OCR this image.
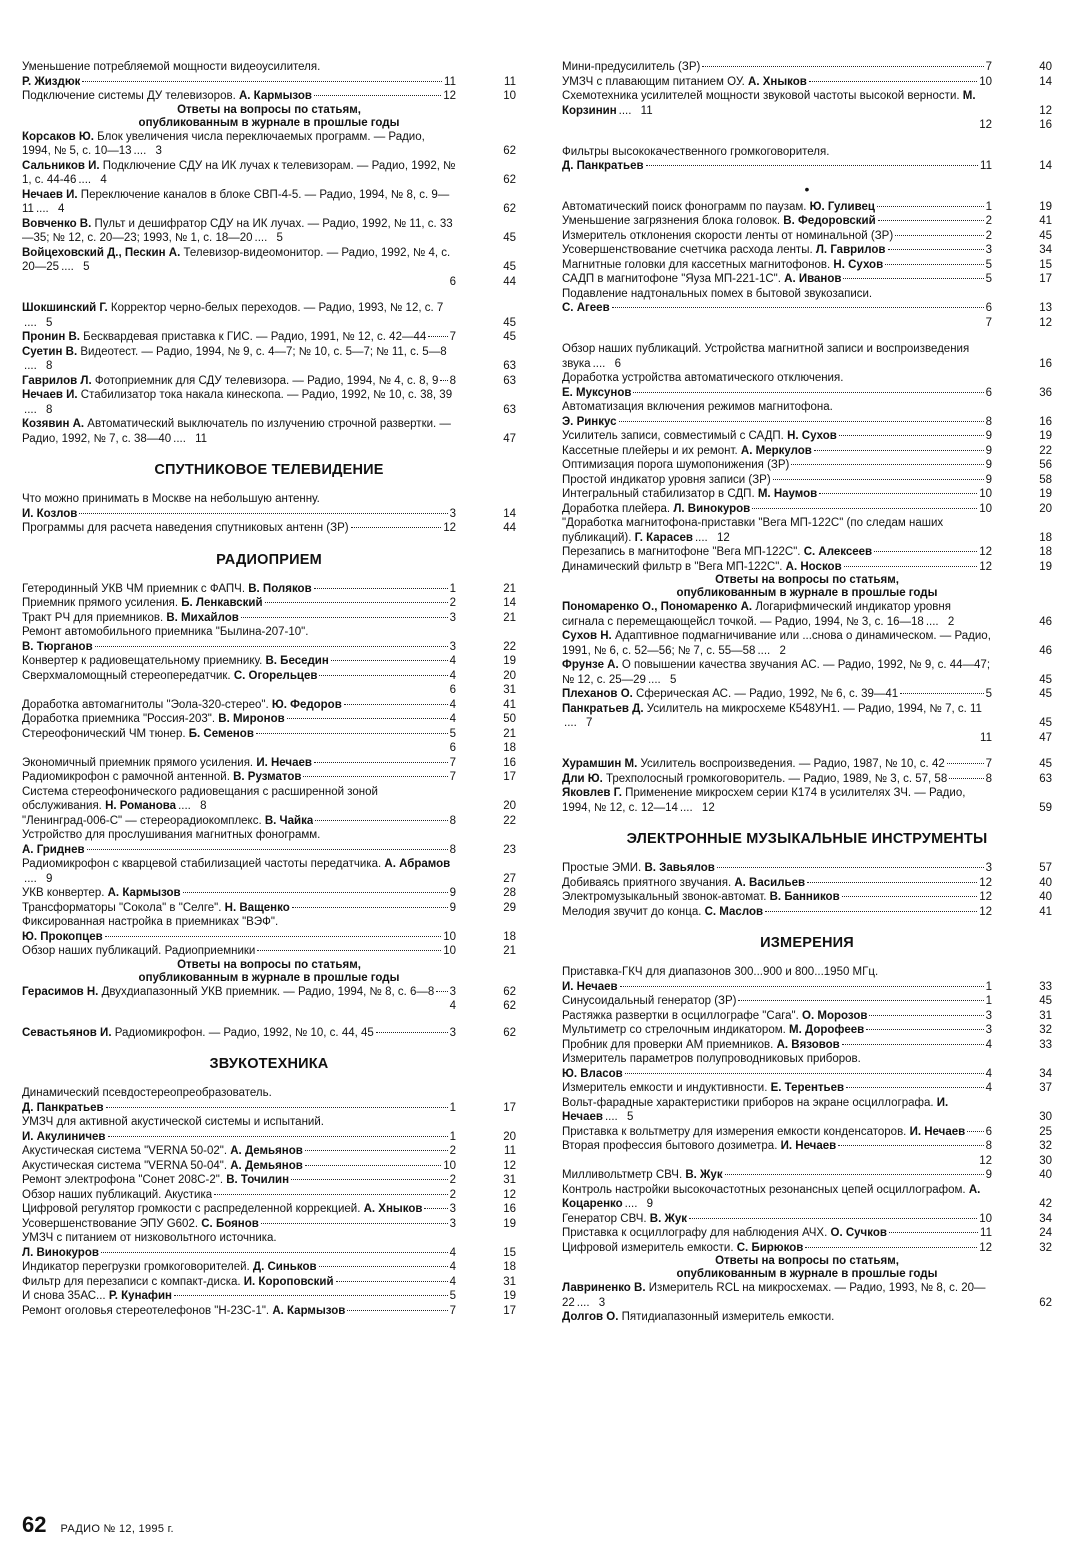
Уменьшение потребляемой мощности видеоусилителя.
Р. Жиздюк	11	11
Подключение системы ДУ телевизоров. А. Кармызов	12	10
Ответы на вопросы по статьям,
опубликованным в журнале в прошлые годы
Корсаков Ю. Блок увеличения числа переключаемых программ. — Радио, 1994, № 5, с. 10—13 .... 3	62
Сальников И. Подключение СДУ на ИК лучах к телевизорам. — Радио, 1992, № 1, с. 44-46 .... 4	62
Нечаев И. Переключение каналов в блоке СВП-4-5. — Радио, 1994, № 8, с. 9—11 .... 4	62
Вовченко В. Пульт и дешифратор СДУ на ИК лучах. — Радио, 1992, № 11, с. 33—35; № 12, с. 20—23; 1993, № 1, с. 18—20 .... 5	45
Войцеховский Д., Пескин А. Телевизор-видеомонитор. — Радио, 1992, № 4, с. 20—25 .... 5	45
6	44
Шокшинский Г. Корректор черно-белых переходов. — Радио, 1993, № 12, с. 7.... 5	45
Пронин В. Бесквардевая приставка к ГИС. — Радио, 1991, № 12, с. 42—44 7	45
Суетин В. Видеотест. — Радио, 1994, № 9, с. 4—7; № 10, с. 5—7; № 11, с. 5—8.... 8	63
Гаврилов Л. Фотоприемник для СДУ телевизора. — Радио, 1994, № 4, с. 8, 9 8	63
Нечаев И. Стабилизатор тока накала кинескопа. — Радио, 1992, № 10, с. 38, 39.... 8	63
Козявин А. Автоматический выключатель по излучению строчной развертки. — Радио, 1992, № 7, с. 38—40 .... 11	47
СПУТНИКОВОЕ ТЕЛЕВИДЕНИЕ
Что можно принимать в Москве на небольшую антенну.
И. Козлов	3	14
Программы для расчета наведения спутниковых антенн (ЗР)	12	44
РАДИОПРИЕМ
Гетеродинный УКВ ЧМ приемник с ФАПЧ. В. Поляков	1	21
Приемник прямого усиления. Б. Ленкавский	2	14
Тракт РЧ для приемников. В. Михайлов	3	21
Ремонт автомобильного приемника "Былина-207-10".
В. Тюрганов	3	22
Конвертер к радиовещательному приемнику. В. Беседин	4	19
Сверхмаломощный стереопередатчик. С. Огорельцев	4	20
6	31
Доработка автомагнитолы "Эола-320-стерео". Ю. Федоров	4	41
Доработка приемника "Россия-203". В. Миронов	4	50
Стереофонический ЧМ тюнер. Б. Семенов	5	21
6	18
Экономичный приемник прямого усиления. И. Нечаев	7	16
Радиомикрофон с рамочной антенной. В. Рузматов	7	17
Система стереофонического радиовещания с расширенной зоной обслуживания. Н. Романова .... 8	20
"Ленинград-006-С" — стереорадиокомплекс. В. Чайка	8	22
Устройство для прослушивания магнитных фонограмм.
А. Гриднев	8	23
Радиомикрофон с кварцевой стабилизацией частоты передатчика. А. Абрамов.... 9	27
УКВ конвертер. А. Кармызов	9	28
Трансформаторы "Сокола" в "Селге". Н. Ващенко	9	29
Фиксированная настройка в приемниках "ВЭФ".
Ю. Прокопцев	10	18
Обзор наших публикаций. Радиоприемники	10	21
Ответы на вопросы по статьям,
опубликованным в журнале в прошлые годы
Герасимов Н. Двухдиапазонный УКВ приемник. — Радио, 1994, № 8, с. 6—8 3	62
4	62
Севастьянов И. Радиомикрофон. — Радио, 1992, № 10, с. 44, 45	3	62
ЗВУКОТЕХНИКА
Динамический псевдостереопреобразователь.
Д. Панкратьев	1	17
УМЗЧ для активной акустической системы и испытаний.
И. Акулиничев	1	20
Акустическая система "VERNA 50-02". А. Демьянов	2	11
Акустическая система "VERNA 50-04". А. Демьянов	10	12
Ремонт электрофона "Сонет 208С-2". В. Точилин	2	31
Обзор наших публикаций. Акустика	2	12
Цифровой регулятор громкости с распределенной коррекцией. А. Хныков 3	16
Усовершенствование ЭПУ G602. С. Боянов	3	19
УМЗЧ с питанием от низковольтного источника.
Л. Винокуров	4	15
Индикатор перегрузки громкоговорителей. Д. Синьков	4	18
Фильтр для перезаписи с компакт-диска. И. Короповский	4	31
И снова 35АС... Р. Кунафин	5	19
Ремонт оголовья стереотелефонов "Н-23С-1". А. Кармызов	7	17
Мини-предусилитель (ЗР)	7	40
УМЗЧ с плавающим питанием ОУ. А. Хныков	10	14
Схемотехника усилителей мощности звуковой частоты высокой верности. М. Корзинин .... 11	12
12	16
Фильтры высококачественного громкоговорителя.
Д. Панкратьев	11	14
•
Автоматический поиск фонограмм по паузам. Ю. Гуливец	1	19
Уменьшение загрязнения блока головок. В. Федоровский	2	41
Измеритель отклонения скорости ленты от номинальной (ЗР)	2	45
Усовершенствование счетчика расхода ленты. Л. Гаврилов	3	34
Магнитные головки для кассетных магнитофонов. Н. Сухов	5	15
САДП в магнитофоне "Яуза МП-221-1С". А. Иванов	5	17
Подавление надтональных помех в бытовой звукозаписи.
С. Агеев	6	13
7	12
Обзор наших публикаций. Устройства магнитной записи и воспроизведения звука .... 6	16
Доработка устройства автоматического отключения.
Е. Муксунов	6	36
Автоматизация включения режимов магнитофона.
Э. Ринкус	8	16
Усилитель записи, совместимый с САДП. Н. Сухов	9	19
Кассетные плейеры и их ремонт. А. Меркулов	9	22
Оптимизация порога шумопонижения (ЗР)	9	56
Простой индикатор уровня записи (ЗР)	9	58
Интегральный стабилизатор в СДП. М. Наумов	10	19
Доработка плейера. Л. Винокуров	10	20
"Доработка магнитофона-приставки "Вега МП-122С" (по следам наших публикаций). Г. Карасев .... 12	18
Перезапись в магнитофоне "Вега МП-122С". С. Алексеев	12	18
Динамический фильтр в "Вега МП-122С". А. Носков	12	19
Ответы на вопросы по статьям,
опубликованным в журнале в прошлые годы
Пономаренко О., Пономаренко А. Логарифмический индикатор уровня сигнала с перемещающейсл точкой. — Радио, 1994, № 3, с. 16—18 .... 2	46
Сухов Н. Адаптивное подмагничивание или ...снова о динамическом. — Радио, 1991, № 6, с. 52—56; № 7, с. 55—58 .... 2	46
Фрунзе А. О повышении качества звучания АС. — Радио, 1992, № 9, с. 44—47; № 12, с. 25—29 .... 5	45
Плеханов О. Сферическая АС. — Радио, 1992, № 6, с. 39—41	5	45
Панкратьев Д. Усилитель на микросхеме К548УН1. — Радио, 1994, № 7, с. 11.... 7	45
11	47
Хурамшин М. Усилитель воспроизведения. — Радио, 1987, № 10, с. 42	7	45
Дли Ю. Трехполосный громкоговоритель. — Радио, 1989, № 3, с. 57, 58	8	63
Яковлев Г. Применение микросхем серии К174 в усилителях ЗЧ. — Радио, 1994, № 12, с. 12—14 .... 12	59
ЭЛЕКТРОННЫЕ МУЗЫКАЛЬНЫЕ ИНСТРУМЕНТЫ
Простые ЭМИ. В. Завьялов	3	57
Добиваясь приятного звучания. А. Васильев	12	40
Электромузыкальный звонок-автомат. В. Банников	12	40
Мелодия звучит до конца. С. Маслов	12	41
ИЗМЕРЕНИЯ
Приставка-ГКЧ для диапазонов 300...900 и 800...1950 МГц.
И. Нечаев	1	33
Синусоидальный генератор (ЗР)	1	45
Растяжка развертки в осциллографе "Сага". О. Морозов	3	31
Мультиметр со стрелочным индикатором. М. Дорофеев	3	32
Пробник для проверки АМ приемников. А. Вязовов	4	33
Измеритель параметров полупроводниковых приборов.
Ю. Власов	4	34
Измеритель емкости и индуктивности. Е. Терентьев	4	37
Вольт-фарадные характеристики приборов на экране осциллографа. И. Нечаев .... 5	30
Приставка к вольтметру для измерения емкости конденсаторов. И. Нечаев 6	25
Вторая профессия бытового дозиметра. И. Нечаев	8	32
12	30
Милливольтметр СВЧ. В. Жук	9	40
Контроль настройки высокочастотных резонансных цепей осциллографом. А. Коцаренко .... 9	42
Генератор СВЧ. В. Жук	10	34
Приставка к осциллографу для наблюдения АЧХ. О. Сучков	11	24
Цифровой измеритель емкости. С. Бирюков	12	32
Ответы на вопросы по статьям,
опубликованным в журнале в прошлые годы
Лавриненко В. Измеритель RCL на микросхемах. — Радио, 1993, № 8, с. 20—22 .... 3	62
Долгов О. Пятидиапазонный измеритель емкости.
62 РАДИО № 12, 1995 г.
